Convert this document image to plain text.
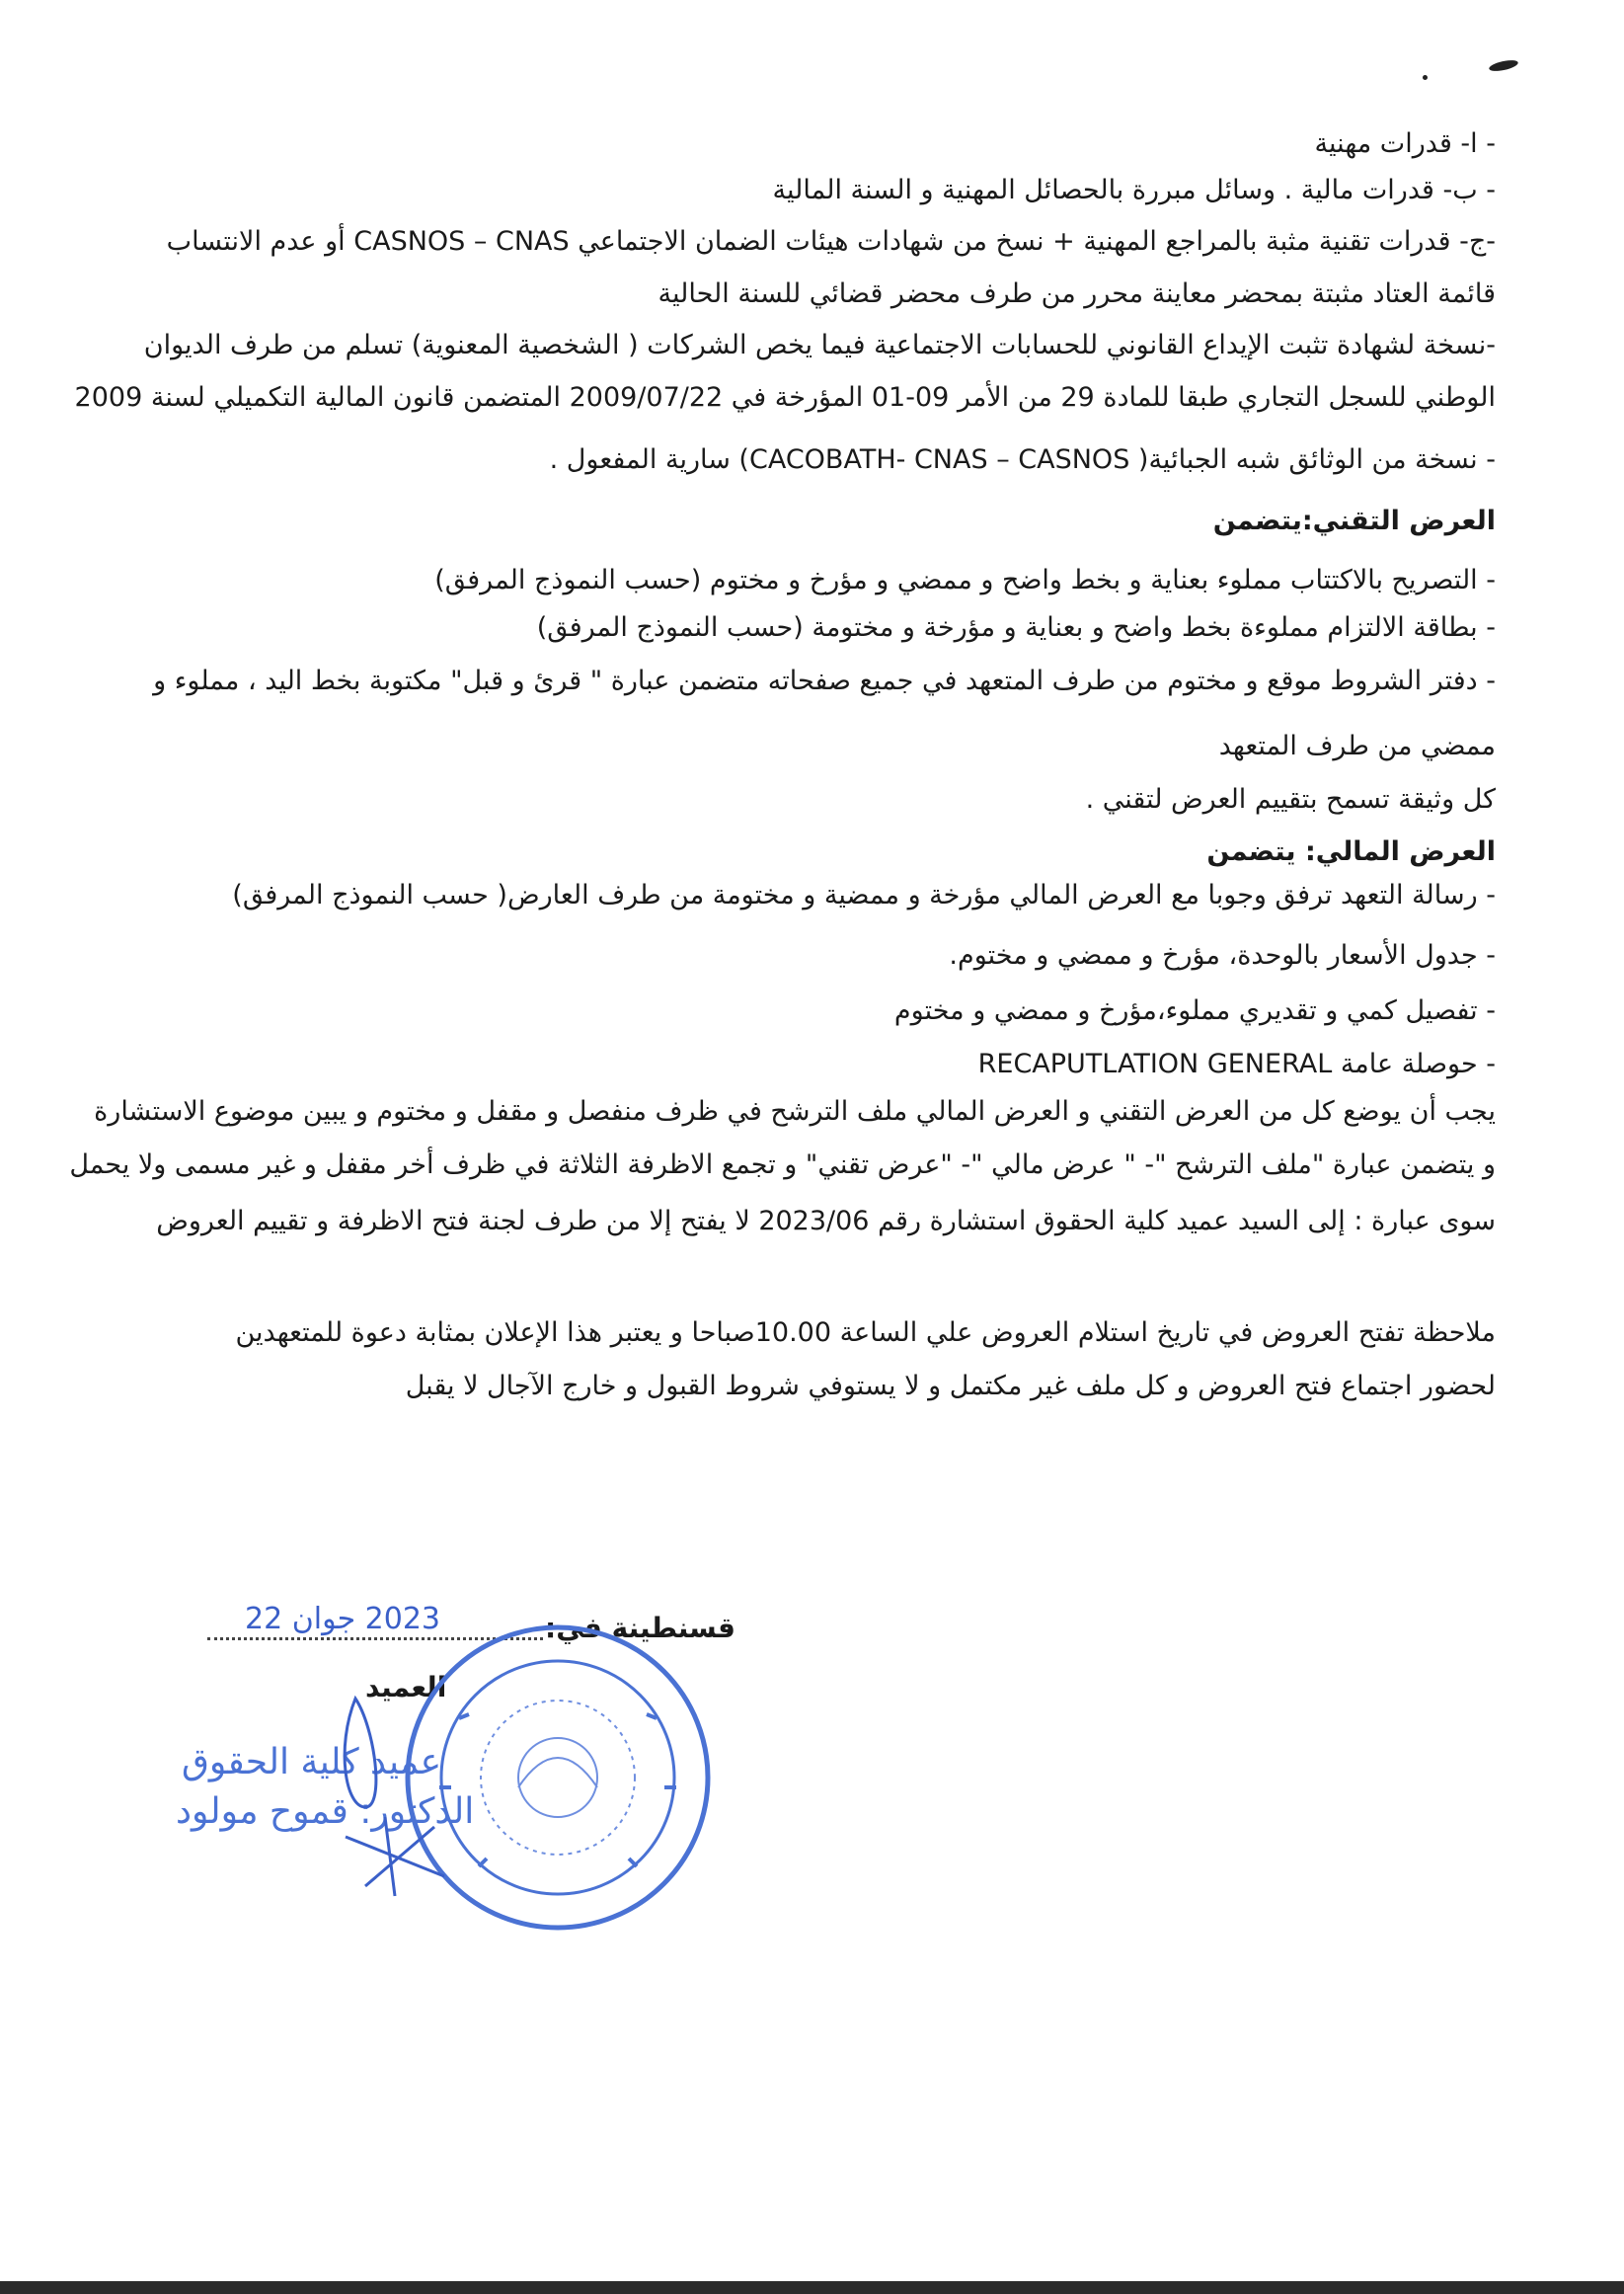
- ا- قدرات مهنية
- ب- قدرات مالية . وسائل مبررة بالحصائل المهنية و السنة المالية
-ج- قدرات تقنية مثبة بالمراجع المهنية + نسخ من شهادات هيئات الضمان الاجتماعي CASNOS – CNAS أو عدم الانتساب
قائمة العتاد مثبتة بمحضر معاينة محرر من طرف محضر قضائي للسنة الحالية
-نسخة لشهادة تثبت الإيداع القانوني للحسابات الاجتماعية فيما يخص الشركات ( الشخصية المعنوية) تسلم من طرف الديوان
الوطني للسجل التجاري طبقا للمادة 29 من الأمر 09-01 المؤرخة في 2009/07/22 المتضمن قانون المالية التكميلي لسنة 2009
- نسخة من الوثائق شبه الجبائية( CACOBATH- CNAS – CASNOS) سارية المفعول .
العرض التقني:يتضمن
- التصريح بالاكتتاب مملوء بعناية و بخط واضح و ممضي و مؤرخ و مختوم (حسب النموذج المرفق)
- بطاقة الالتزام مملوءة بخط واضح و بعناية و مؤرخة و مختومة (حسب النموذج المرفق)
- دفتر الشروط موقع و مختوم من طرف المتعهد في جميع صفحاته متضمن عبارة " قرئ و قبل" مكتوبة بخط اليد ، مملوء و
ممضي من طرف المتعهد
كل وثيقة تسمح بتقييم العرض لتقني .
العرض المالي: يتضمن
- رسالة التعهد ترفق وجوبا مع العرض المالي مؤرخة و ممضية و مختومة من طرف العارض( حسب النموذج المرفق)
- جدول الأسعار بالوحدة، مؤرخ و ممضي و مختوم.
- تفصيل كمي و تقديري مملوء،مؤرخ و ممضي و مختوم
- حوصلة عامة RECAPUTLATION GENERAL
يجب أن يوضع كل من العرض التقني و العرض المالي ملف الترشح في ظرف منفصل و مقفل و مختوم و يبين موضوع الاستشارة
و يتضمن عبارة "ملف الترشح "- " عرض مالي "- "عرض تقني" و تجمع الاظرفة الثلاثة في ظرف أخر مقفل و غير مسمى ولا يحمل
سوى عبارة : إلى السيد عميد كلية الحقوق استشارة رقم 2023/06 لا يفتح إلا من طرف لجنة فتح الاظرفة و تقييم العروض
ملاحظة تفتح العروض في تاريخ استلام العروض علي الساعة 10.00صباحا و يعتبر هذا الإعلان بمثابة دعوة للمتعهدين
لحضور اجتماع فتح العروض و كل ملف غير مكتمل و لا يستوفي شروط القبول و خارج الآجال لا يقبل
قسنطينة في:
2023 جوان 22
العميد
عميد كلية الحقوق
الدكتور: قموح مولود
